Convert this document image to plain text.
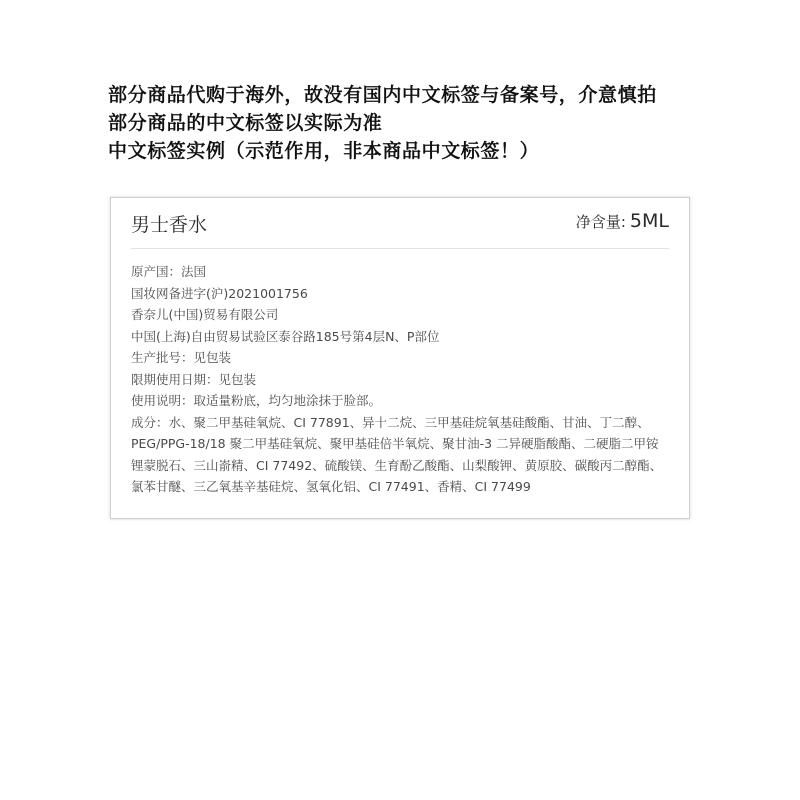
部分商品代购于海外，故没有国内中文标签与备案号，介意慎拍
部分商品的中文标签以实际为准
中文标签实例（示范作用，非本商品中文标签！）
男士香水	净含量: 5ML
原产国：法国
国妆网备进字(沪)2021001756
香奈儿(中国)贸易有限公司
中国(上海)自由贸易试验区泰谷路185号第4层N、P部位
生产批号：见包装
限期使用日期：见包装
使用说明：取适量粉底，均匀地涂抹于脸部。
成分：水、聚二甲基硅氧烷、CI 77891、异十二烷、三甲基硅烷氧基硅酸酯、甘油、丁二醇、
PEG/PPG-18/18 聚二甲基硅氧烷、聚甲基硅倍半氧烷、聚甘油-3 二异硬脂酸酯、二硬脂二甲铵
锂蒙脱石、三山嵛精、CI 77492、硫酸镁、生育酚乙酸酯、山梨酸钾、黄原胶、碳酸丙二醇酯、
氯苯甘醚、三乙氧基辛基硅烷、氢氧化铝、CI 77491、香精、CI 77499
